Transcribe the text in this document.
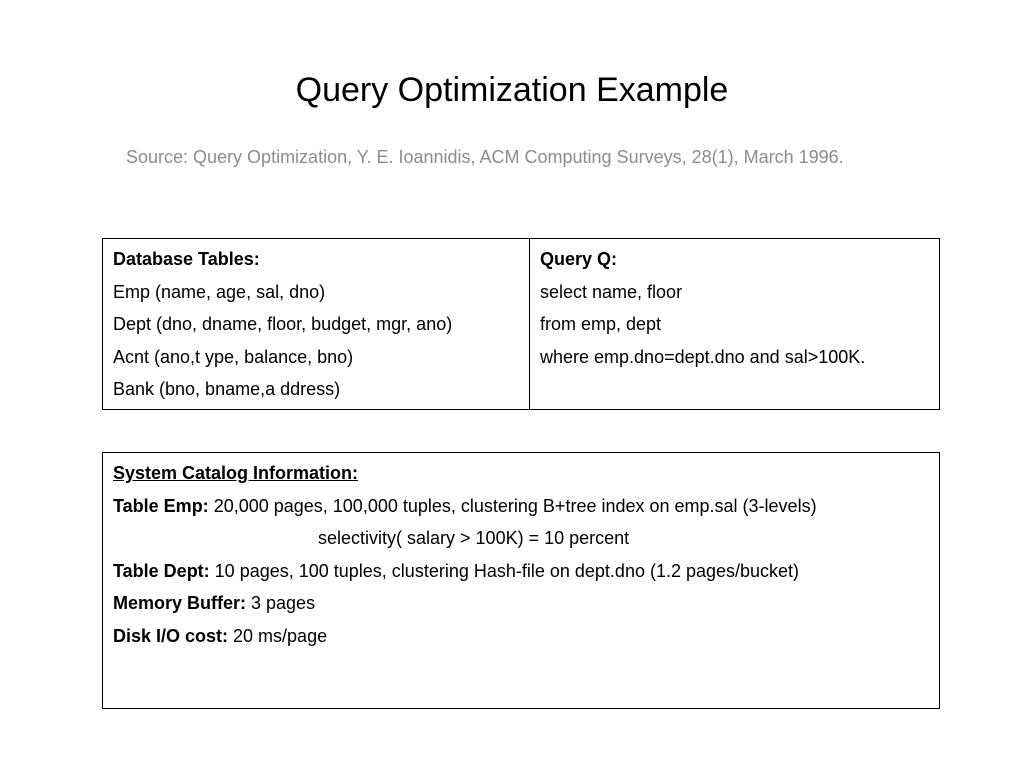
Query Optimization Example
Source: Query Optimization, Y. E. Ioannidis, ACM Computing Surveys, 28(1), March 1996.
Database Tables:
Emp (name, age, sal, dno)
Dept (dno, dname, floor, budget, mgr, ano)
Acnt (ano,t ype, balance, bno)
Bank (bno, bname,a ddress)
Query Q:
select name, floor
from emp, dept
where emp.dno=dept.dno and sal>100K.
System Catalog Information:
Table Emp: 20,000 pages, 100,000 tuples, clustering B+tree index on emp.sal (3-levels)
selectivity( salary > 100K) = 10 percent
Table Dept: 10 pages, 100 tuples, clustering Hash-file on dept.dno (1.2 pages/bucket)
Memory Buffer: 3 pages
Disk I/O cost: 20 ms/page
